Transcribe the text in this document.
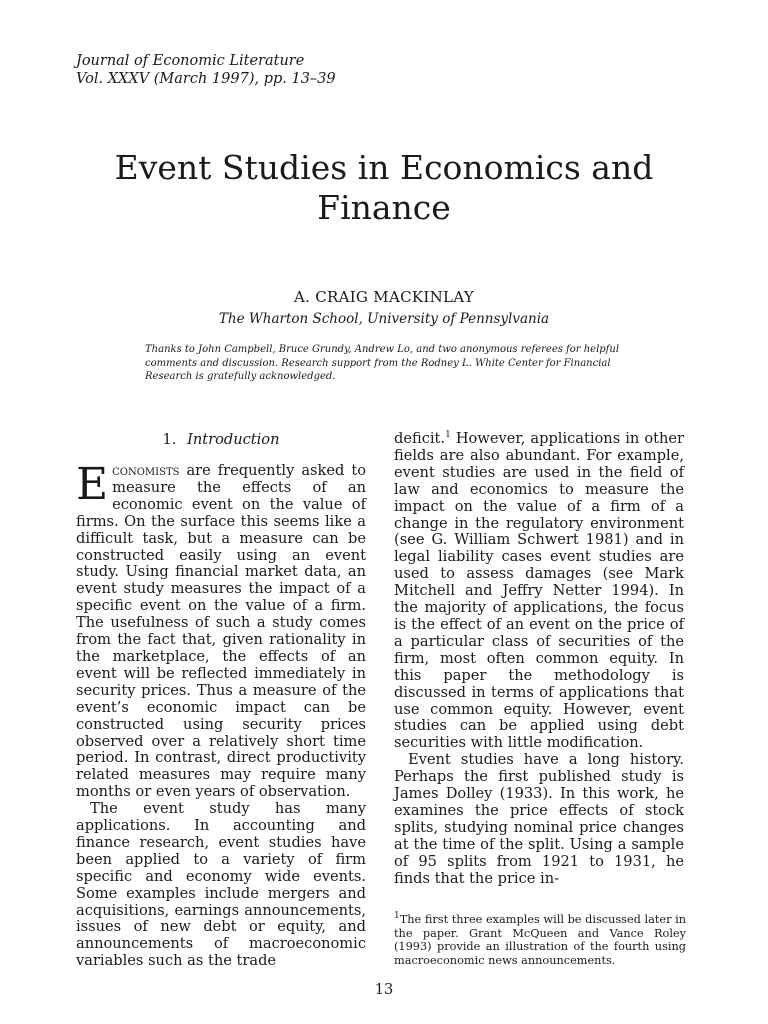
Journal of Economic Literature
Vol. XXXV (March 1997), pp. 13–39
Event Studies in Economics and
Finance
A. CRAIG MACKINLAY
The Wharton School, University of Pennsylvania
Thanks to John Campbell, Bruce Grundy, Andrew Lo, and two anonymous referees for helpful comments and discussion. Research support from the Rodney L. White Center for Financial Research is gratefully acknowledged.
1. Introduction

Economists are frequently asked to measure the effects of an economic event on the value of firms. On the surface this seems like a difficult task, but a measure can be constructed easily using an event study. Using financial market data, an event study measures the impact of a specific event on the value of a firm. The usefulness of such a study comes from the fact that, given rationality in the marketplace, the effects of an event will be reflected immediately in security prices. Thus a measure of the event’s economic impact can be constructed using security prices observed over a relatively short time period. In contrast, direct productivity related measures may require many months or even years of observation.

The event study has many applications. In accounting and finance research, event studies have been applied to a variety of firm specific and economy wide events. Some examples include mergers and acquisitions, earnings announcements, issues of new debt or equity, and announcements of macroeconomic variables such as the trade

deficit.$^1$ However, applications in other fields are also abundant. For example, event studies are used in the field of law and economics to measure the impact on the value of a firm of a change in the regulatory environment (see G. William Schwert 1981) and in legal liability cases event studies are used to assess damages (see Mark Mitchell and Jeffry Netter 1994). In the majority of applications, the focus is the effect of an event on the price of a particular class of securities of the firm, most often common equity. In this paper the methodology is discussed in terms of applications that use common equity. However, event studies can be applied using debt securities with little modification.

Event studies have a long history. Perhaps the first published study is James Dolley (1933). In this work, he examines the price effects of stock splits, studying nominal price changes at the time of the split. Using a sample of 95 splits from 1921 to 1931, he finds that the price in-

$^1$The first three examples will be discussed later in the paper. Grant McQueen and Vance Roley (1993) provide an illustration of the fourth using macroeconomic news announcements.
13
